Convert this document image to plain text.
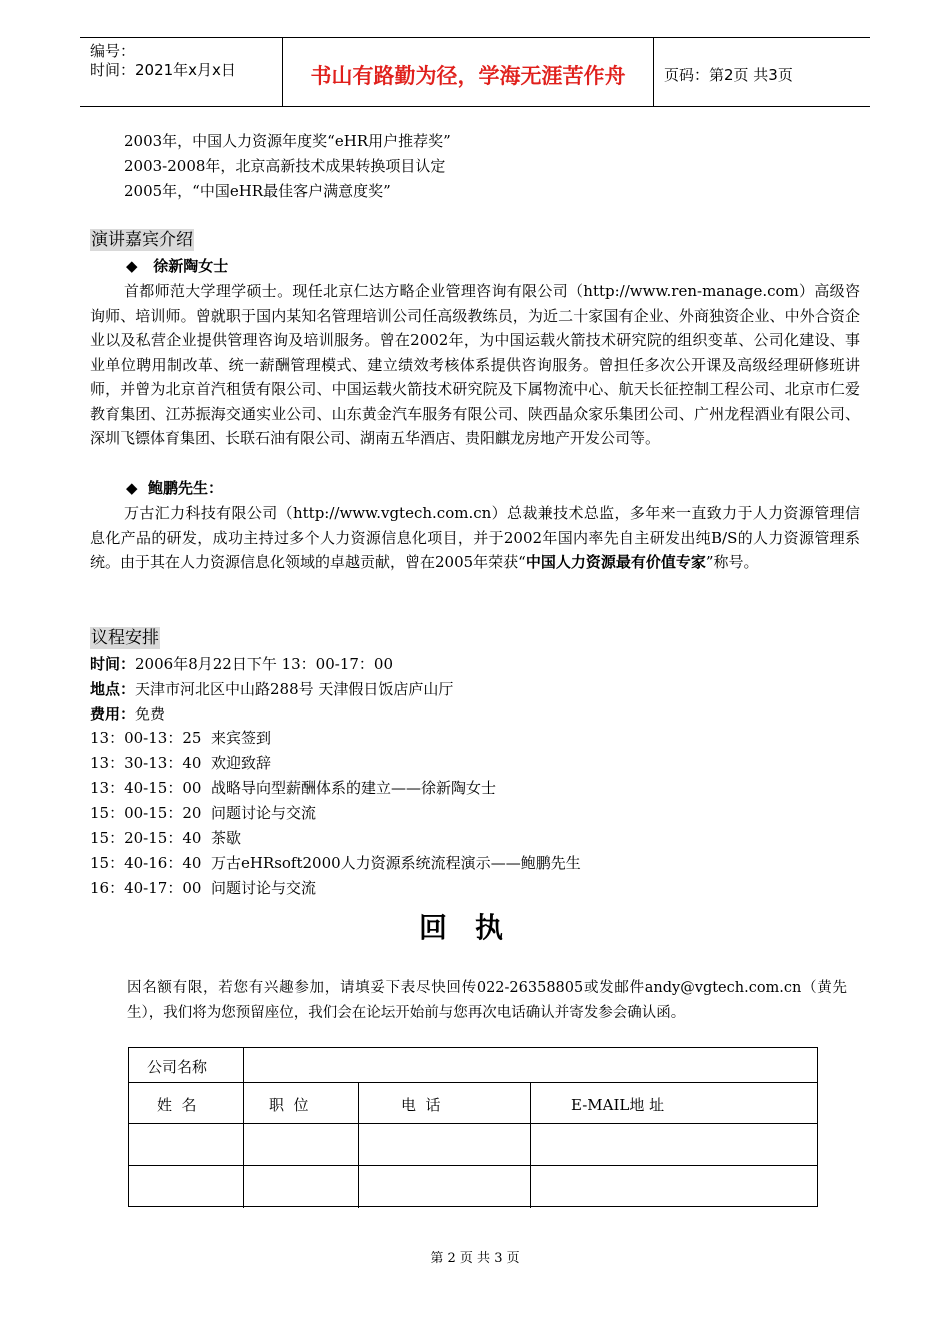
编号：
时间：2021年x月x日	书山有路勤为径，学海无涯苦作舟	页码：第2页 共3页
2003年，中国人力资源年度奖“eHR用户推荐奖”
2003-2008年，北京高新技术成果转换项目认定
2005年，“中国eHR最佳客户满意度奖”
演讲嘉宾介绍
◆ 徐新陶女士
首都师范大学理学硕士。现任北京仁达方略企业管理咨询有限公司（http://www.ren-manage.com）高级咨询师、培训师。曾就职于国内某知名管理培训公司任高级教练员，为近二十家国有企业、外商独资企业、中外合资企业以及私营企业提供管理咨询及培训服务。曾在2002年，为中国运载火箭技术研究院的组织变革、公司化建设、事业单位聘用制改革、统一薪酬管理模式、建立绩效考核体系提供咨询服务。曾担任多次公开课及高级经理研修班讲师，并曾为北京首汽租赁有限公司、中国运载火箭技术研究院及下属物流中心、航天长征控制工程公司、北京市仁爱教育集团、江苏振海交通实业公司、山东黄金汽车服务有限公司、陕西晶众家乐集团公司、广州龙程酒业有限公司、深圳飞镖体育集团、长联石油有限公司、湖南五华酒店、贵阳麒龙房地产开发公司等。
◆ 鲍鹏先生：
万古汇力科技有限公司（http://www.vgtech.com.cn）总裁兼技术总监，多年来一直致力于人力资源管理信息化产品的研发，成功主持过多个人力资源信息化项目，并于2002年国内率先自主研发出纯B/S的人力资源管理系统。由于其在人力资源信息化领域的卓越贡献，曾在2005年荣获“中国人力资源最有价值专家”称号。
议程安排
时间：2006年8月22日下午 13：00-17：00
地点：天津市河北区中山路288号 天津假日饭店庐山厅
费用：免费
13：00-13：25  来宾签到
13：30-13：40  欢迎致辞
13：40-15：00  战略导向型薪酬体系的建立——徐新陶女士
15：00-15：20  问题讨论与交流
15：20-15：40  茶歇
15：40-16：40  万古eHRsoft2000人力资源系统流程演示——鲍鹏先生
16：40-17：00  问题讨论与交流
回执
因名额有限，若您有兴趣参加，请填妥下表尽快回传022-26358805或发邮件andy@vgtech.com.cn（黄先生），我们将为您预留座位，我们会在论坛开始前与您再次电话确认并寄发参会确认函。
公司名称
姓  名	职  位	电  话	E-MAIL地 址
第 2 页 共 3 页
